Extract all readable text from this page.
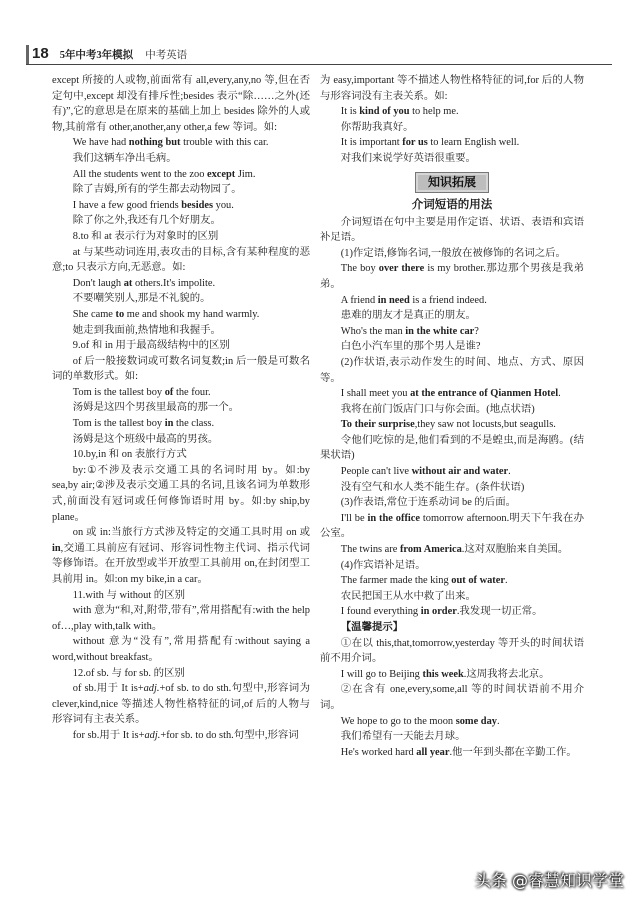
18 5年中考3年模拟 中考英语

except 所接的人或物,前面常有 all,every,any,no 等,但在否定句中,except 却没有排斥性;besides 表示“除……之外(还有)”,它的意思是在原来的基础上加上 besides 除外的人或物,其前常有 other,another,any other,a few 等词。如:

We have had nothing but trouble with this car.

我们这辆车净出毛病。

All the students went to the zoo except Jim.

除了吉姆,所有的学生都去动物园了。

I have a few good friends besides you.

除了你之外,我还有几个好朋友。

8.to 和 at 表示行为对象时的区别

at 与某些动词连用,表攻击的目标,含有某种程度的恶意;to 只表示方向,无恶意。如:

Don't laugh at others.It's impolite.

不要嘲笑别人,那是不礼貌的。

She came to me and shook my hand warmly.

她走到我面前,热情地和我握手。

9.of 和 in 用于最高级结构中的区别

of 后一般接数词或可数名词复数;in 后一般是可数名词的单数形式。如:

Tom is the tallest boy of the four.

汤姆是这四个男孩里最高的那一个。

Tom is the tallest boy in the class.

汤姆是这个班级中最高的男孩。

10.by,in 和 on 表旅行方式

by:①不涉及表示交通工具的名词时用 by。如:by sea,by air;②涉及表示交通工具的名词,且该名词为单数形式,前面没有冠词或任何修饰语时用 by。如:by ship,by plane。

on 或 in:当旅行方式涉及特定的交通工具时用 on 或 in,交通工具前应有冠词、形容词性物主代词、指示代词等修饰语。在开放型或半开放型工具前用 on,在封闭型工具前用 in。如:on my bike,in a car。

11.with 与 without 的区别

with 意为“和,对,附带,带有”,常用搭配有:with the help of…,play with,talk with。

without 意为“没有”,常用搭配有:without saying a word,without breakfast。

12.of sb. 与 for sb. 的区别

of sb.用于 It is+adj.+of sb. to do sth.句型中,形容词为 clever,kind,nice 等描述人物性格特征的词,of 后的人物与形容词有主表关系。

for sb.用于 It is+adj.+for sb. to do sth.句型中,形容词

为 easy,important 等不描述人物性格特征的词,for 后的人物与形容词没有主表关系。如:

It is kind of you to help me.

你帮助我真好。

It is important for us to learn English well.

对我们来说学好英语很重要。

知识拓展

介词短语的用法

介词短语在句中主要是用作定语、状语、表语和宾语补足语。

(1)作定语,修饰名词,一般放在被修饰的名词之后。

The boy over there is my brother.那边那个男孩是我弟弟。

A friend in need is a friend indeed.

患难的朋友才是真正的朋友。

Who's the man in the white car?

白色小汽车里的那个男人是谁?

(2)作状语,表示动作发生的时间、地点、方式、原因等。

I shall meet you at the entrance of Qianmen Hotel.

我将在前门饭店门口与你会面。(地点状语)

To their surprise,they saw not locusts,but seagulls.

令他们吃惊的是,他们看到的不是蝗虫,而是海鸥。(结果状语)

People can't live without air and water.

没有空气和水人类不能生存。(条件状语)

(3)作表语,常位于连系动词 be 的后面。

I'll be in the office tomorrow afternoon.明天下午我在办公室。

The twins are from America.这对双胞胎来自美国。

(4)作宾语补足语。

The farmer made the king out of water.

农民把国王从水中救了出来。

I found everything in order.我发现一切正常。

【温馨提示】

①在以 this,that,tomorrow,yesterday 等开头的时间状语前不用介词。

I will go to Beijing this week.这周我将去北京。

②在含有 one,every,some,all 等的时间状语前不用介词。

We hope to go to the moon some day.

我们希望有一天能去月球。

He's worked hard all year.他一年到头都在辛勤工作。

头条 @睿慧知识学堂
